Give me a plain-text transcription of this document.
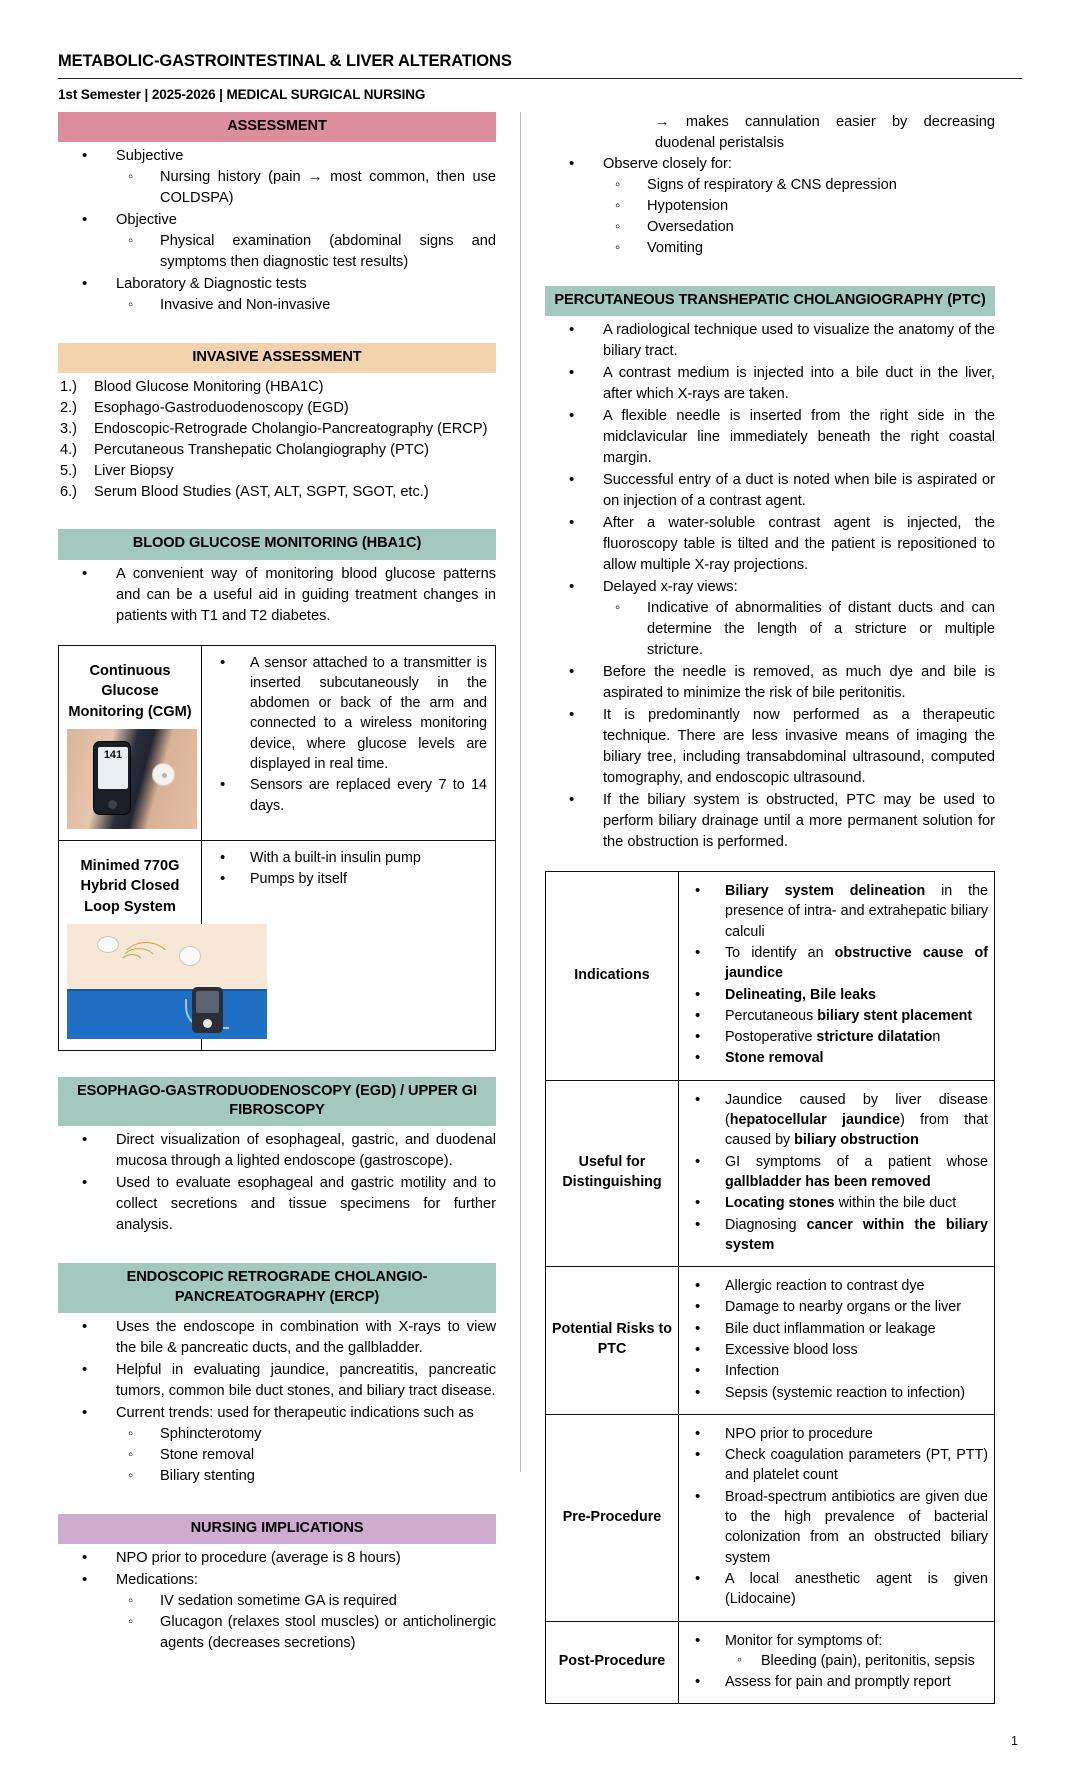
METABOLIC-GASTROINTESTINAL & LIVER ALTERATIONS
1st Semester | 2025-2026 | MEDICAL SURGICAL NURSING
ASSESSMENT
• Subjective
◦ Nursing history (pain → most common, then use COLDSPA)
• Objective
◦ Physical examination (abdominal signs and symptoms then diagnostic test results)
• Laboratory & Diagnostic tests
◦ Invasive and Non-invasive
INVASIVE ASSESSMENT
1.) Blood Glucose Monitoring (HBA1C)
2.) Esophago-Gastroduodenoscopy (EGD)
3.) Endoscopic-Retrograde Cholangio-Pancreatography (ERCP)
4.) Percutaneous Transhepatic Cholangiography (PTC)
5.) Liver Biopsy
6.) Serum Blood Studies (AST, ALT, SGPT, SGOT, etc.)
BLOOD GLUCOSE MONITORING (HBA1C)
• A convenient way of monitoring blood glucose patterns and can be a useful aid in guiding treatment changes in patients with T1 and T2 diabetes.
Continuous Glucose Monitoring (CGM)
141

• A sensor attached to a transmitter is inserted subcutaneously in the abdomen or back of the arm and connected to a wireless monitoring device, where glucose levels are displayed in real time.
• Sensors are replaced every 7 to 14 days.

Minimed 770G Hybrid Closed Loop System

• With a built-in insulin pump
• Pumps by itself
ESOPHAGO-GASTRODUODENOSCOPY (EGD) / UPPER GI FIBROSCOPY
• Direct visualization of esophageal, gastric, and duodenal mucosa through a lighted endoscope (gastroscope).
• Used to evaluate esophageal and gastric motility and to collect secretions and tissue specimens for further analysis.
ENDOSCOPIC RETROGRADE CHOLANGIO-PANCREATOGRAPHY (ERCP)
• Uses the endoscope in combination with X-rays to view the bile & pancreatic ducts, and the gallbladder.
• Helpful in evaluating jaundice, pancreatitis, pancreatic tumors, common bile duct stones, and biliary tract disease.
• Current trends: used for therapeutic indications such as
◦ Sphincterotomy
◦ Stone removal
◦ Biliary stenting
NURSING IMPLICATIONS
• NPO prior to procedure (average is 8 hours)
• Medications:
◦ IV sedation sometime GA is required
◦ Glucagon (relaxes stool muscles) or anticholinergic agents (decreases secretions)
→ makes cannulation easier by decreasing duodenal peristalsis
• Observe closely for:
◦ Signs of respiratory & CNS depression
◦ Hypotension
◦ Oversedation
◦ Vomiting
PERCUTANEOUS TRANSHEPATIC CHOLANGIOGRAPHY (PTC)
• A radiological technique used to visualize the anatomy of the biliary tract.
• A contrast medium is injected into a bile duct in the liver, after which X-rays are taken.
• A flexible needle is inserted from the right side in the midclavicular line immediately beneath the right coastal margin.
• Successful entry of a duct is noted when bile is aspirated or on injection of a contrast agent.
• After a water-soluble contrast agent is injected, the fluoroscopy table is tilted and the patient is repositioned to allow multiple X-ray projections.
• Delayed x-ray views:
◦ Indicative of abnormalities of distant ducts and can determine the length of a stricture or multiple stricture.
• Before the needle is removed, as much dye and bile is aspirated to minimize the risk of bile peritonitis.
• It is predominantly now performed as a therapeutic technique. There are less invasive means of imaging the biliary tree, including transabdominal ultrasound, computed tomography, and endoscopic ultrasound.
• If the biliary system is obstructed, PTC may be used to perform biliary drainage until a more permanent solution for the obstruction is performed.
Indications	
• Biliary system delineation in the presence of intra- and extrahepatic biliary calculi
• To identify an obstructive cause of jaundice
• Delineating, Bile leaks
• Percutaneous biliary stent placement
• Postoperative stricture dilatation
• Stone removal

Useful for Distinguishing	
• Jaundice caused by liver disease (hepatocellular jaundice) from that caused by biliary obstruction
• GI symptoms of a patient whose gallbladder has been removed
• Locating stones within the bile duct
• Diagnosing cancer within the biliary system

Potential Risks to PTC	
• Allergic reaction to contrast dye
• Damage to nearby organs or the liver
• Bile duct inflammation or leakage
• Excessive blood loss
• Infection
• Sepsis (systemic reaction to infection)

Pre-Procedure	
• NPO prior to procedure
• Check coagulation parameters (PT, PTT) and platelet count
• Broad-spectrum antibiotics are given due to the high prevalence of bacterial colonization from an obstructed biliary system
• A local anesthetic agent is given (Lidocaine)

Post-Procedure	
• Monitor for symptoms of:
◦ Bleeding (pain), peritonitis, sepsis
• Assess for pain and promptly report
1
